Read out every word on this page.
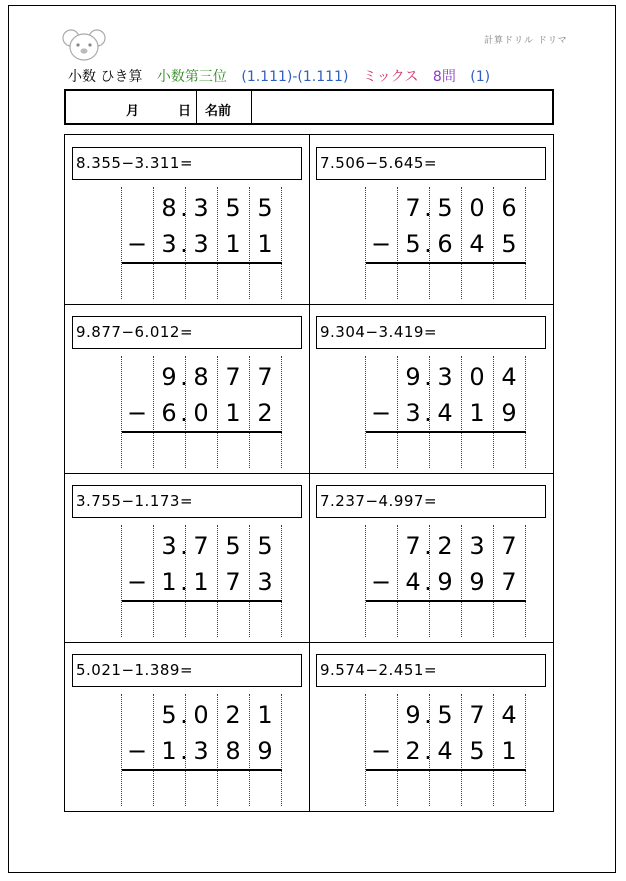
計算ドリル ドリマ
小数 ひき算 小数第三位 (1.111)-(1.111) ミックス 8問 (1)
月	日 名前
8.355−3.311=
8 3 5 5
.
3 3 1 1
.
−
7.506−5.645=
7 5 0 6
.
5 6 4 5
.
−
9.877−6.012=
9 8 7 7
.
6 0 1 2
.
−
9.304−3.419=
9 3 0 4
.
3 4 1 9
.
−
3.755−1.173=
3 7 5 5
.
1 1 7 3
.
−
7.237−4.997=
7 2 3 7
.
4 9 9 7
.
−
5.021−1.389=
5 0 2 1
.
1 3 8 9
.
−
9.574−2.451=
9 5 7 4
.
2 4 5 1
.
−
